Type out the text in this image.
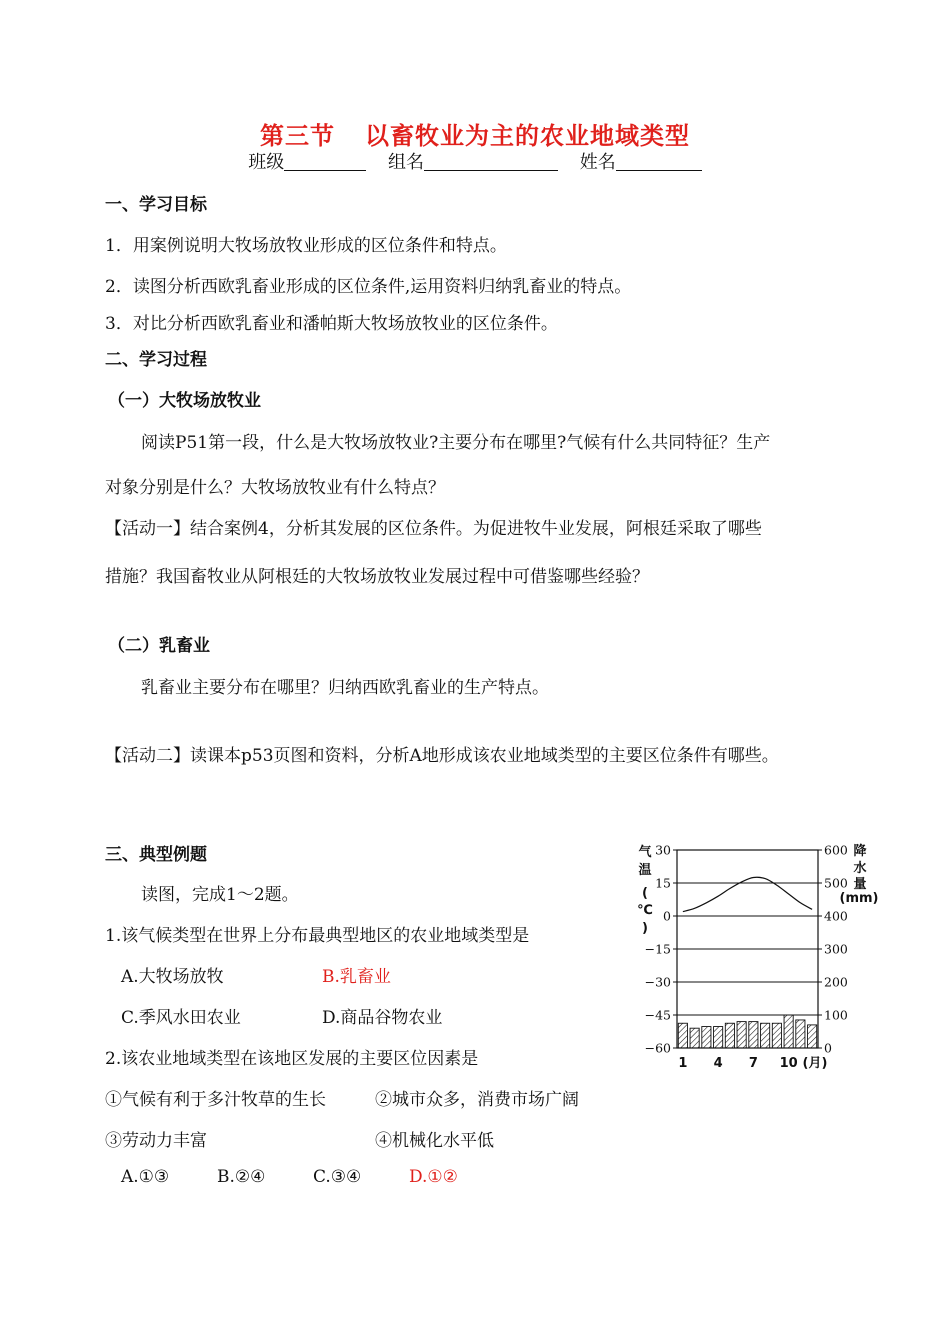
第三节 以畜牧业为主的农业地域类型
班级	组名	姓名
一、学习目标
1．用案例说明大牧场放牧业形成的区位条件和特点。
2．读图分析西欧乳畜业形成的区位条件,运用资料归纳乳畜业的特点。
3．对比分析西欧乳畜业和潘帕斯大牧场放牧业的区位条件。
二、学习过程
（一）大牧场放牧业
阅读P51第一段，什么是大牧场放牧业?主要分布在哪里?气候有什么共同特征？生产
对象分别是什么？大牧场放牧业有什么特点？
【活动一】结合案例4，分析其发展的区位条件。为促进牧牛业发展，阿根廷采取了哪些
措施？我国畜牧业从阿根廷的大牧场放牧业发展过程中可借鉴哪些经验？
（二）乳畜业
乳畜业主要分布在哪里？归纳西欧乳畜业的生产特点。
【活动二】读课本p53页图和资料，分析A地形成该农业地域类型的主要区位条件有哪些。
三、典型例题
读图，完成1～2题。
1.该气候类型在世界上分布最典型地区的农业地域类型是
A.大牧场放牧	B.乳畜业
C.季风水田农业	D.商品谷物农业
2.该农业地域类型在该地区发展的主要区位因素是
①气候有利于多汁牧草的生长	②城市众多，消费市场广阔
③劳动力丰富	④机械化水平低
A.①③	B.②④	C.③④	D.①②
30
15
0
−15
−30
−45
−60
600
500
400
300
200
100
0
1 4 7 10 (月)
气
温
(
℃
)
降
水
量
(mm)
